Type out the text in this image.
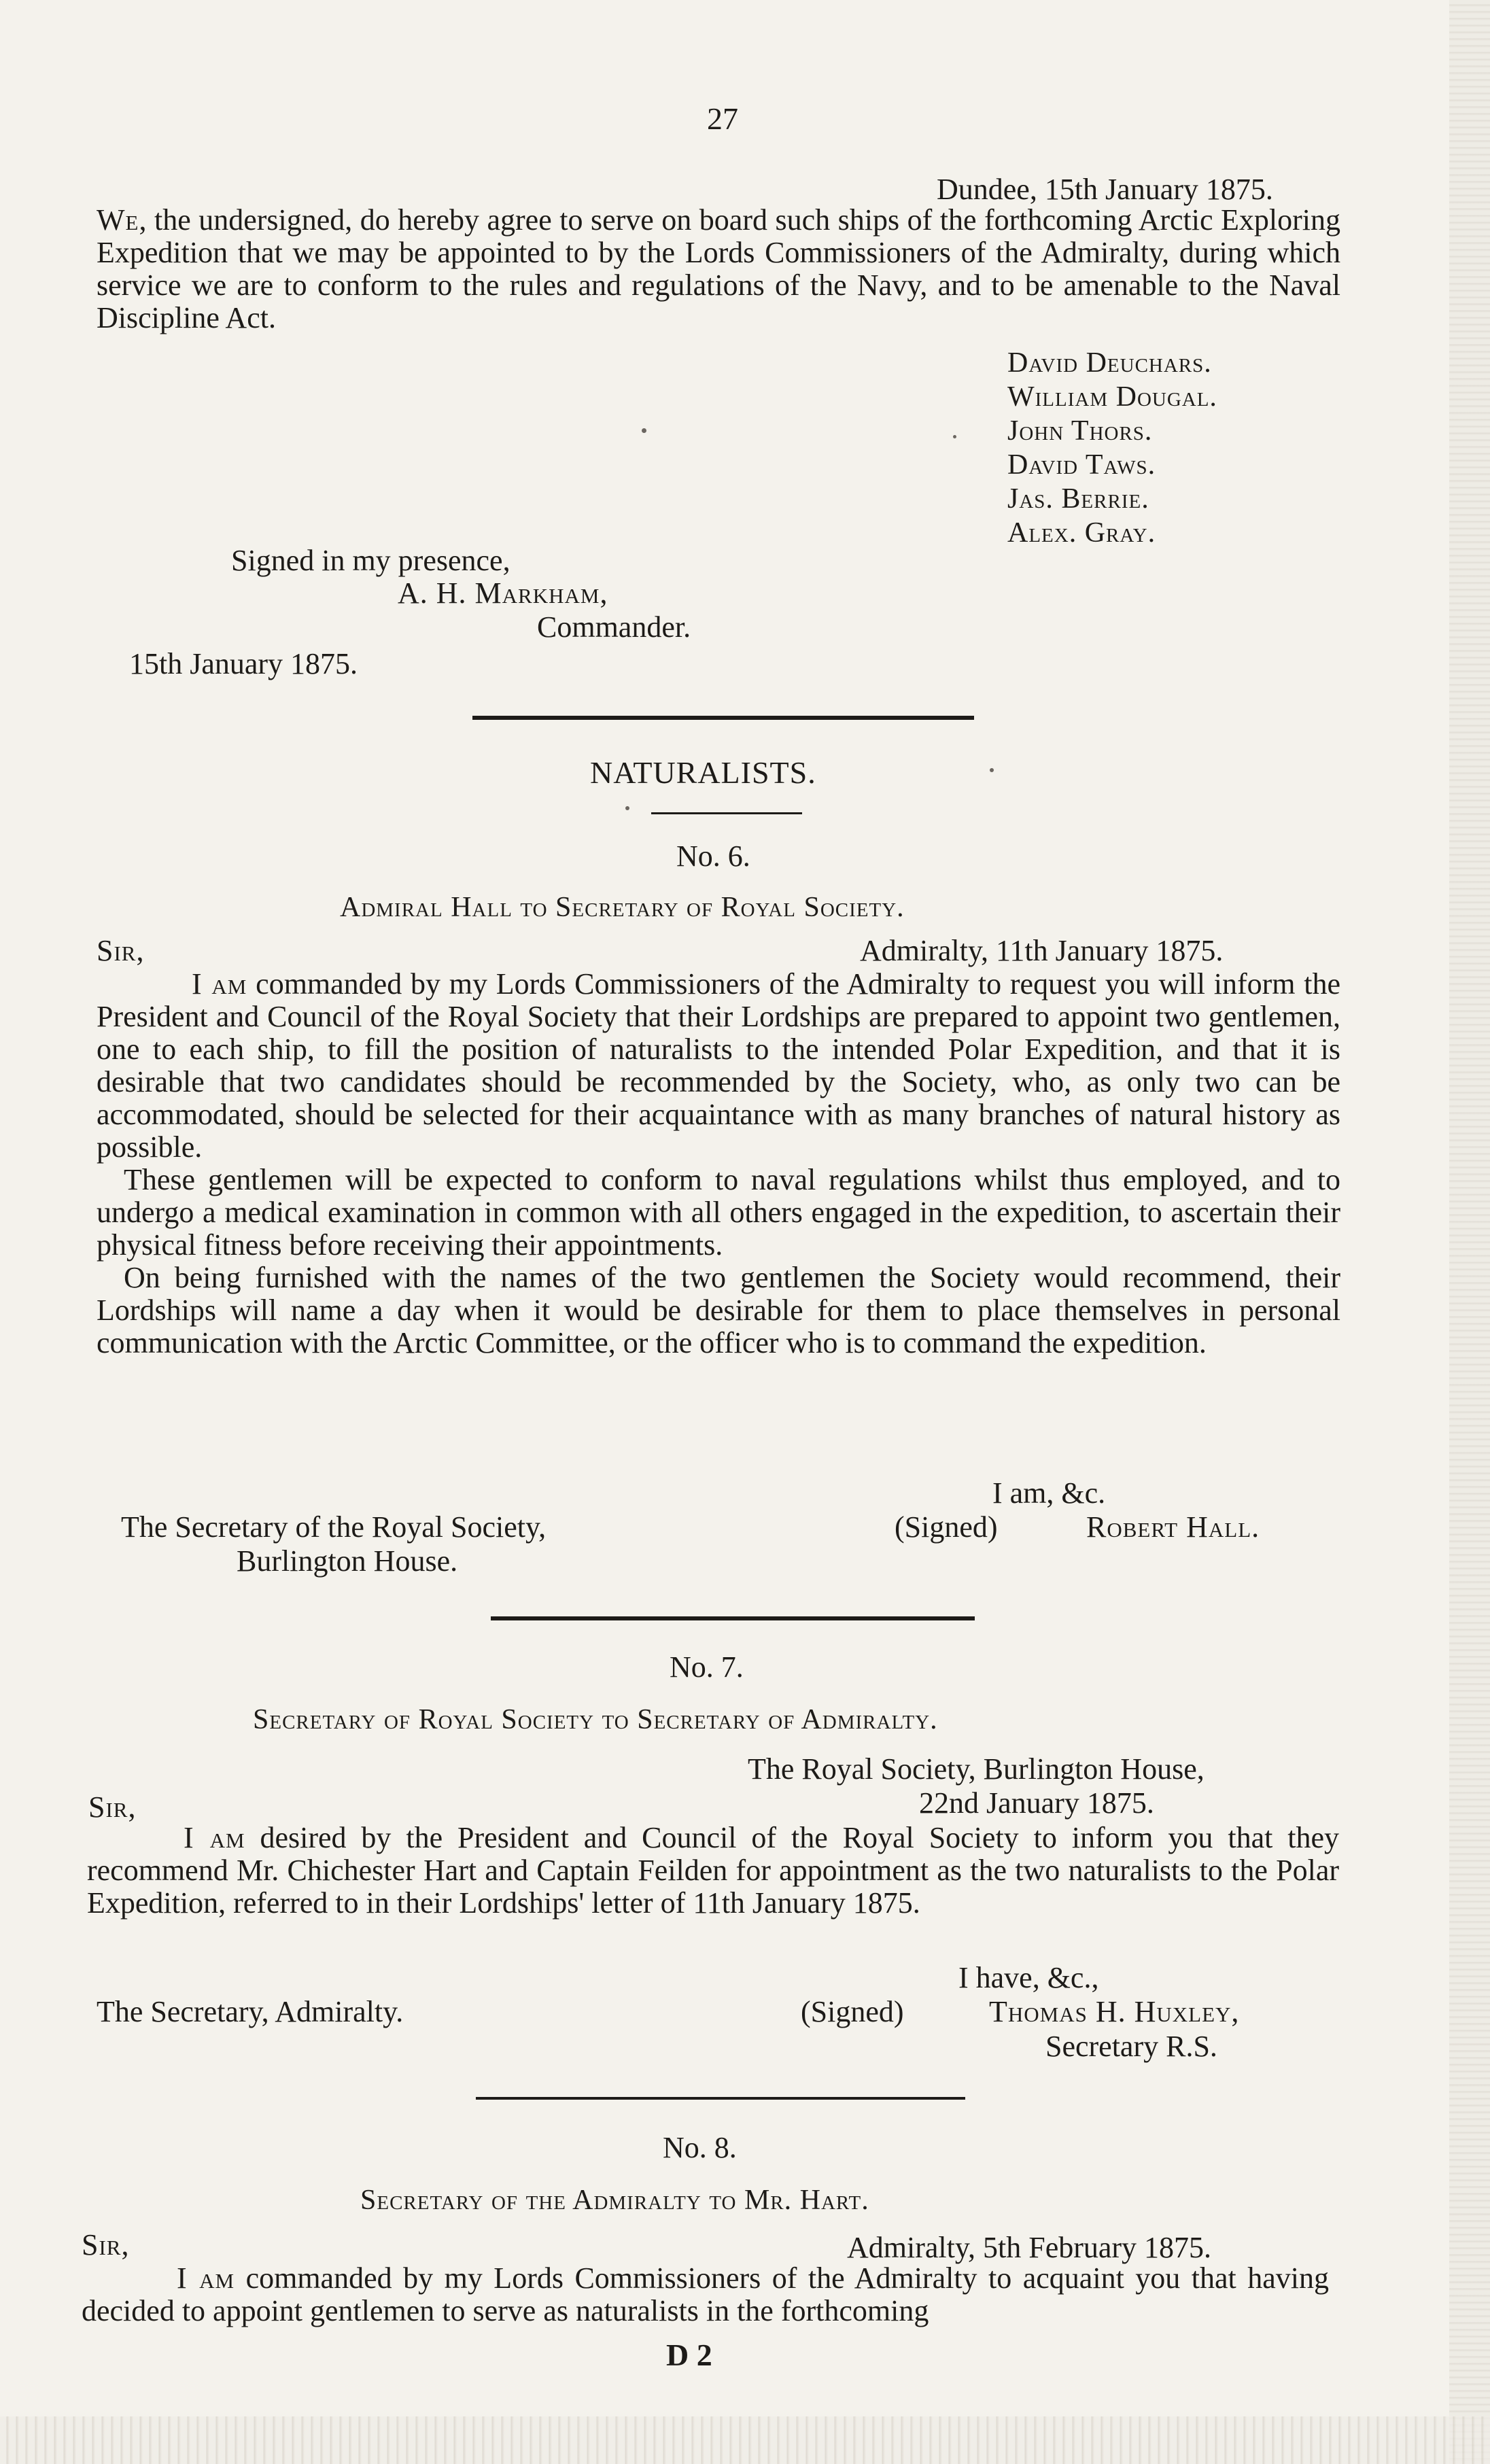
27
Dundee, 15th January 1875.

We, the undersigned, do hereby agree to serve on board such ships of the forthcoming Arctic Exploring Expedition that we may be appointed to by the Lords Commissioners of the Admiralty, during which service we are to conform to the rules and regulations of the Navy, and to be amenable to the Naval Discipline Act.

David Deuchars.
William Dougal.
John Thors.
David Taws.
Jas. Berrie.
Alex. Gray.
Signed in my presence,
A. H. Markham,
Commander.
15th January 1875.
NATURALISTS.
No. 6.
Admiral Hall to Secretary of Royal Society.
Sir,	Admiralty, 11th January 1875.

I am commanded by my Lords Commissioners of the Admiralty to request you will inform the President and Council of the Royal Society that their Lordships are prepared to appoint two gentlemen, one to each ship, to fill the position of naturalists to the intended Polar Expedition, and that it is desirable that two candidates should be recommended by the Society, who, as only two can be accommodated, should be selected for their acquaintance with as many branches of natural history as possible.

These gentlemen will be expected to conform to naval regulations whilst thus employed, and to undergo a medical examination in common with all others engaged in the expedition, to ascertain their physical fitness before receiving their appointments.

On being furnished with the names of the two gentlemen the Society would recommend, their Lordships will name a day when it would be desirable for them to place themselves in personal communication with the Arctic Committee, or the officer who is to command the expedition.

I am, &c.
The Secretary of the Royal Society,
Burlington House.
(Signed)	Robert Hall.
No. 7.
Secretary of Royal Society to Secretary of Admiralty.
The Royal Society, Burlington House,
22nd January 1875.
Sir,

I am desired by the President and Council of the Royal Society to inform you that they recommend Mr. Chichester Hart and Captain Feilden for appointment as the two naturalists to the Polar Expedition, referred to in their Lordships' letter of 11th January 1875.

I have, &c.,
The Secretary, Admiralty.	(Signed)	Thomas H. Huxley,
Secretary R.S.
No. 8.
Secretary of the Admiralty to Mr. Hart.
Sir,	Admiralty, 5th February 1875.

I am commanded by my Lords Commissioners of the Admiralty to acquaint you that having decided to appoint gentlemen to serve as naturalists in the forthcoming

D 2
